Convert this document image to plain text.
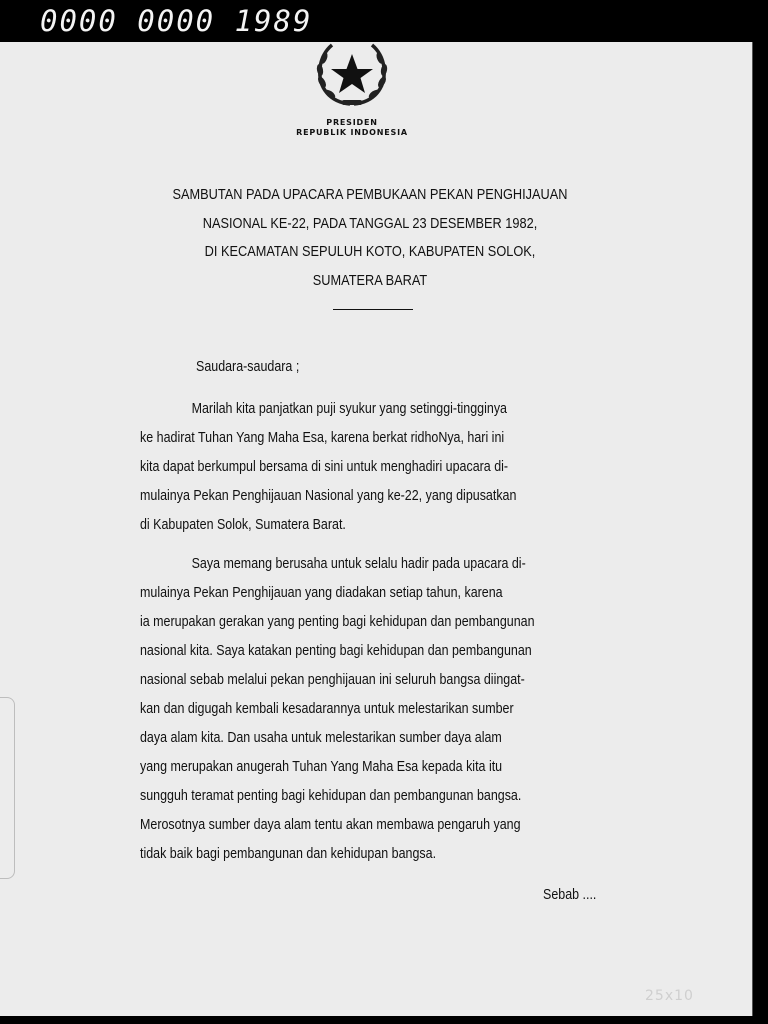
0000 0000 1989
PRESIDEN
REPUBLIK INDONESIA
SAMBUTAN PADA UPACARA PEMBUKAAN PEKAN PENGHIJAUAN
NASIONAL KE-22, PADA TANGGAL 23 DESEMBER 1982,
DI KECAMATAN SEPULUH KOTO, KABUPATEN SOLOK,
SUMATERA BARAT
Saudara-saudara ;
Marilah kita panjatkan puji syukur yang setinggi-tingginya
ke hadirat Tuhan Yang Maha Esa, karena berkat ridhoNya, hari ini
kita dapat berkumpul bersama di sini untuk menghadiri upacara di-
mulainya Pekan Penghijauan Nasional yang ke-22, yang dipusatkan
di Kabupaten Solok, Sumatera Barat.
Saya memang berusaha untuk selalu hadir pada upacara di-
mulainya Pekan Penghijauan yang diadakan setiap tahun, karena
ia merupakan gerakan yang penting bagi kehidupan dan pembangunan
nasional kita. Saya katakan penting bagi kehidupan dan pembangunan
nasional sebab melalui pekan penghijauan ini seluruh bangsa diingat-
kan dan digugah kembali kesadarannya untuk melestarikan sumber
daya alam kita. Dan usaha untuk melestarikan sumber daya alam
yang merupakan anugerah Tuhan Yang Maha Esa kepada kita itu
sungguh teramat penting bagi kehidupan dan pembangunan bangsa.
Merosotnya sumber daya alam tentu akan membawa pengaruh yang
tidak baik bagi pembangunan dan kehidupan bangsa.
Sebab ....
25x10
